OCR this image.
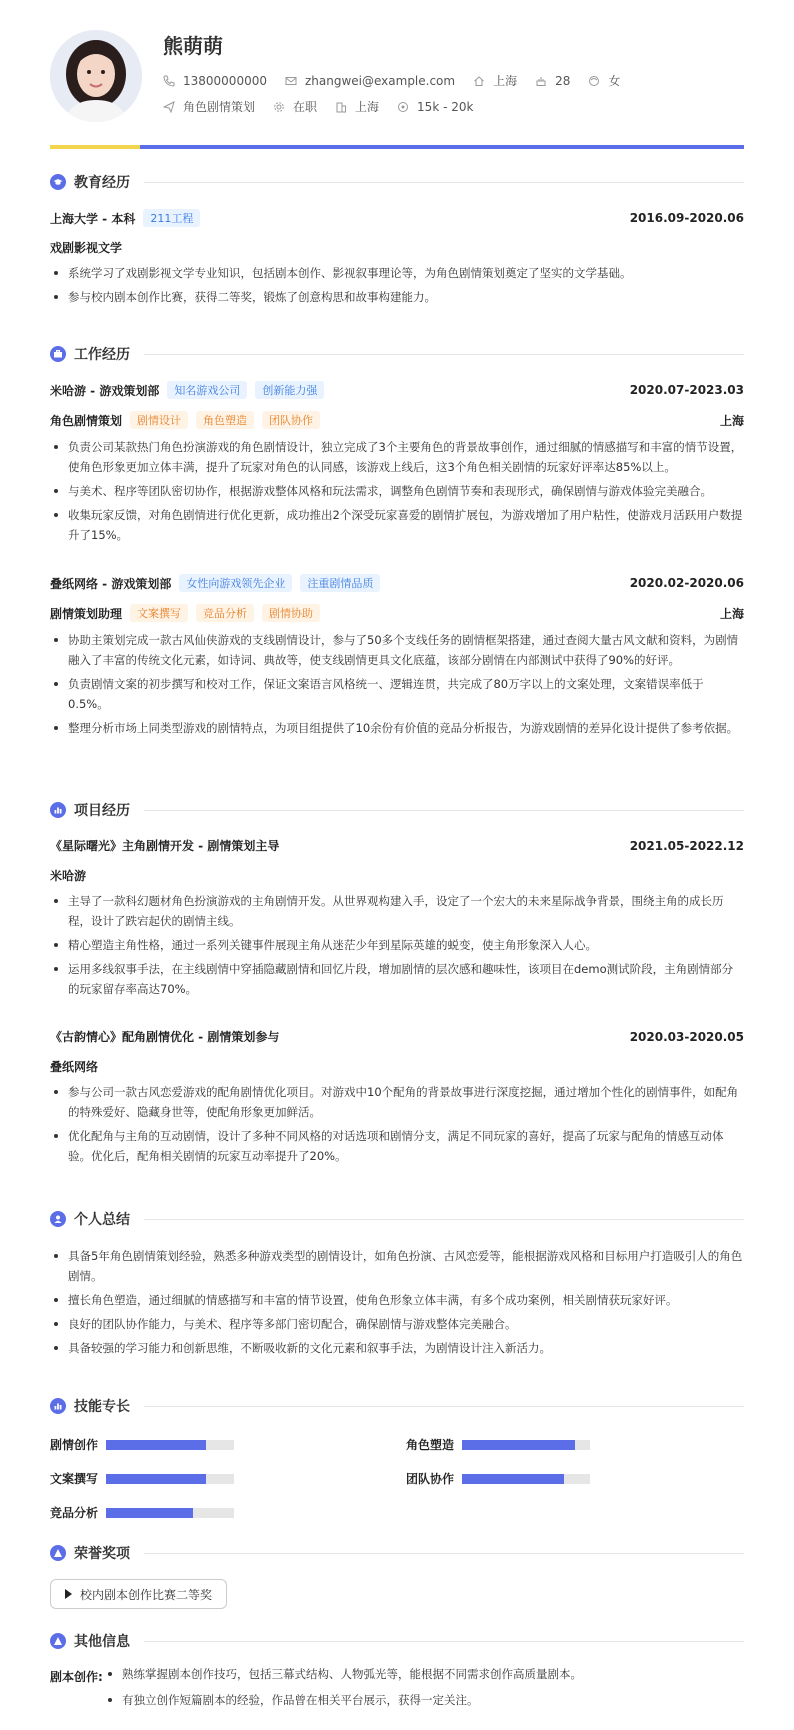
熊萌萌
13800000000	zhangwei@example.com	上海	28	女
角色剧情策划	在职	上海	15k - 20k
教育经历
上海大学 - 本科	211工程	2016.09-2020.06
戏剧影视文学
系统学习了戏剧影视文学专业知识，包括剧本创作、影视叙事理论等，为角色剧情策划奠定了坚实的文学基础。
参与校内剧本创作比赛，获得二等奖，锻炼了创意构思和故事构建能力。
工作经历
米哈游 - 游戏策划部	知名游戏公司	创新能力强	2020.07-2023.03
角色剧情策划	剧情设计	角色塑造	团队协作	上海
负责公司某款热门角色扮演游戏的角色剧情设计，独立完成了3个主要角色的背景故事创作，通过细腻的情感描写和丰富的情节设置，使角色形象更加立体丰满，提升了玩家对角色的认同感，该游戏上线后，这3个角色相关剧情的玩家好评率达85%以上。
与美术、程序等团队密切协作，根据游戏整体风格和玩法需求，调整角色剧情节奏和表现形式，确保剧情与游戏体验完美融合。
收集玩家反馈，对角色剧情进行优化更新，成功推出2个深受玩家喜爱的剧情扩展包，为游戏增加了用户粘性，使游戏月活跃用户数提升了15%。
叠纸网络 - 游戏策划部	女性向游戏领先企业	注重剧情品质	2020.02-2020.06
剧情策划助理	文案撰写	竞品分析	剧情协助	上海
协助主策划完成一款古风仙侠游戏的支线剧情设计，参与了50多个支线任务的剧情框架搭建，通过查阅大量古风文献和资料，为剧情融入了丰富的传统文化元素，如诗词、典故等，使支线剧情更具文化底蕴，该部分剧情在内部测试中获得了90%的好评。
负责剧情文案的初步撰写和校对工作，保证文案语言风格统一、逻辑连贯，共完成了80万字以上的文案处理，文案错误率低于0.5%。
整理分析市场上同类型游戏的剧情特点，为项目组提供了10余份有价值的竞品分析报告，为游戏剧情的差异化设计提供了参考依据。
项目经历
《星际曙光》主角剧情开发 - 剧情策划主导	2021.05-2022.12
米哈游
主导了一款科幻题材角色扮演游戏的主角剧情开发。从世界观构建入手，设定了一个宏大的未来星际战争背景，围绕主角的成长历程，设计了跌宕起伏的剧情主线。
精心塑造主角性格，通过一系列关键事件展现主角从迷茫少年到星际英雄的蜕变，使主角形象深入人心。
运用多线叙事手法，在主线剧情中穿插隐藏剧情和回忆片段，增加剧情的层次感和趣味性，该项目在demo测试阶段，主角剧情部分的玩家留存率高达70%。
《古韵情心》配角剧情优化 - 剧情策划参与	2020.03-2020.05
叠纸网络
参与公司一款古风恋爱游戏的配角剧情优化项目。对游戏中10个配角的背景故事进行深度挖掘，通过增加个性化的剧情事件，如配角的特殊爱好、隐藏身世等，使配角形象更加鲜活。
优化配角与主角的互动剧情，设计了多种不同风格的对话选项和剧情分支，满足不同玩家的喜好，提高了玩家与配角的情感互动体验。优化后，配角相关剧情的玩家互动率提升了20%。
个人总结
具备5年角色剧情策划经验，熟悉多种游戏类型的剧情设计，如角色扮演、古风恋爱等，能根据游戏风格和目标用户打造吸引人的角色剧情。
擅长角色塑造，通过细腻的情感描写和丰富的情节设置，使角色形象立体丰满，有多个成功案例，相关剧情获玩家好评。
良好的团队协作能力，与美术、程序等多部门密切配合，确保剧情与游戏整体完美融合。
具备较强的学习能力和创新思维，不断吸收新的文化元素和叙事手法，为剧情设计注入新活力。
技能专长
剧情创作	角色塑造
文案撰写	团队协作
竞品分析
荣誉奖项
校内剧本创作比赛二等奖
其他信息
剧本创作:	熟练掌握剧本创作技巧，包括三幕式结构、人物弧光等，能根据不同需求创作高质量剧本。
有独立创作短篇剧本的经验，作品曾在相关平台展示，获得一定关注。
